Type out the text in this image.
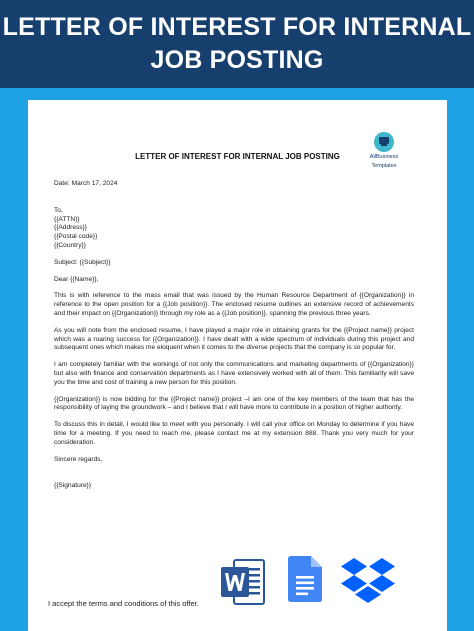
LETTER OF INTEREST FOR INTERNAL
JOB POSTING
LETTER OF INTEREST FOR INTERNAL JOB POSTING	AllBusiness
Templates

Date: March 17, 2024

To,

{{ATTN}}

{{Address}}

{{Postal code}}

{{Country}}

Subject: {{Subject}}

Dear {{Name}},

This is with reference to the mass email that was issued by the Human Resource Department of {{Organization}} in reference to the open position for a {{Job position}}. The enclosed resume outlines an extensive record of achievements and their impact on {{Organization}} through my role as a {{Job position}}, spanning the previous three years.

As you will note from the enclosed resume, I have played a major role in obtaining grants for the {{Project name}} project which was a roaring success for {{Organization}}. I have dealt with a wide spectrum of individuals during this project and subsequent ones which makes me eloquent when it comes to the diverse projects that the company is so popular for.

I am completely familiar with the workings of not only the communications and marketing departments of {{Organization}} but also with finance and conservation departments as I have extensively worked with all of them. This familiarity will save you the time and cost of training a new person for this position.

{{Organization}} is now bidding for the {{Project name}} project –I am one of the key members of the team that has the responsibility of laying the groundwork – and I believe that I will have more to contribute in a position of higher authority.

To discuss this in detail, I would like to meet with you personally. I will call your office on Monday to determine if you have time for a meeting. If you need to reach me, please contact me at my extension 888. Thank you very much for your consideration.

Sincere regards,

{{Signature}}

I accept the terms and conditions of this offer.
